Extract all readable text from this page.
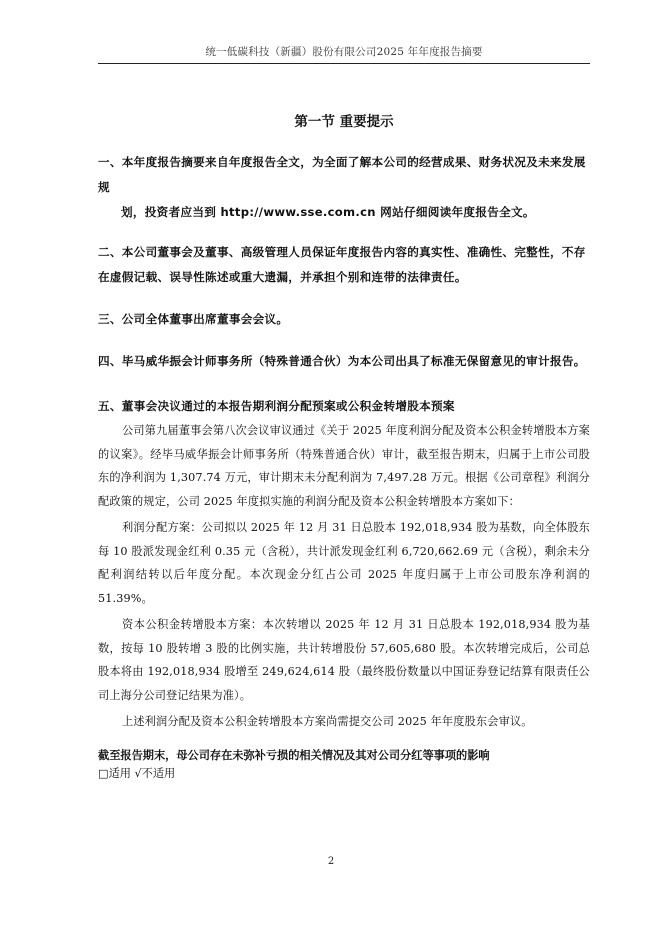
统一低碳科技（新疆）股份有限公司2025 年年度报告摘要
第一节 重要提示
一、本年度报告摘要来自年度报告全文，为全面了解本公司的经营成果、财务状况及未来发展规
划，投资者应当到 http://www.sse.com.cn 网站仔细阅读年度报告全文。

二、本公司董事会及董事、高级管理人员保证年度报告内容的真实性、准确性、完整性，不存在虚假记载、误导性陈述或重大遗漏，并承担个别和连带的法律责任。

三、公司全体董事出席董事会会议。

四、毕马威华振会计师事务所（特殊普通合伙）为本公司出具了标准无保留意见的审计报告。

五、董事会决议通过的本报告期利润分配预案或公积金转增股本预案

公司第九届董事会第八次会议审议通过《关于 2025 年度利润分配及资本公积金转增股本方案的议案》。经毕马威华振会计师事务所（特殊普通合伙）审计，截至报告期末，归属于上市公司股东的净利润为 1,307.74 万元，审计期末未分配利润为 7,497.28 万元。根据《公司章程》利润分配政策的规定，公司 2025 年度拟实施的利润分配及资本公积金转增股本方案如下：

利润分配方案：公司拟以 2025 年 12 月 31 日总股本 192,018,934 股为基数，向全体股东每 10 股派发现金红利 0.35 元（含税），共计派发现金红利 6,720,662.69 元（含税），剩余未分配利润结转以后年度分配。本次现金分红占公司 2025 年度归属于上市公司股东净利润的 51.39%。

资本公积金转增股本方案：本次转增以 2025 年 12 月 31 日总股本 192,018,934 股为基数，按每 10 股转增 3 股的比例实施，共计转增股份 57,605,680 股。本次转增完成后，公司总股本将由 192,018,934 股增至 249,624,614 股（最终股份数量以中国证券登记结算有限责任公司上海分公司登记结果为准）。

上述利润分配及资本公积金转增股本方案尚需提交公司 2025 年年度股东会审议。

截至报告期末，母公司存在未弥补亏损的相关情况及其对公司分红等事项的影响

□适用 √不适用

2
